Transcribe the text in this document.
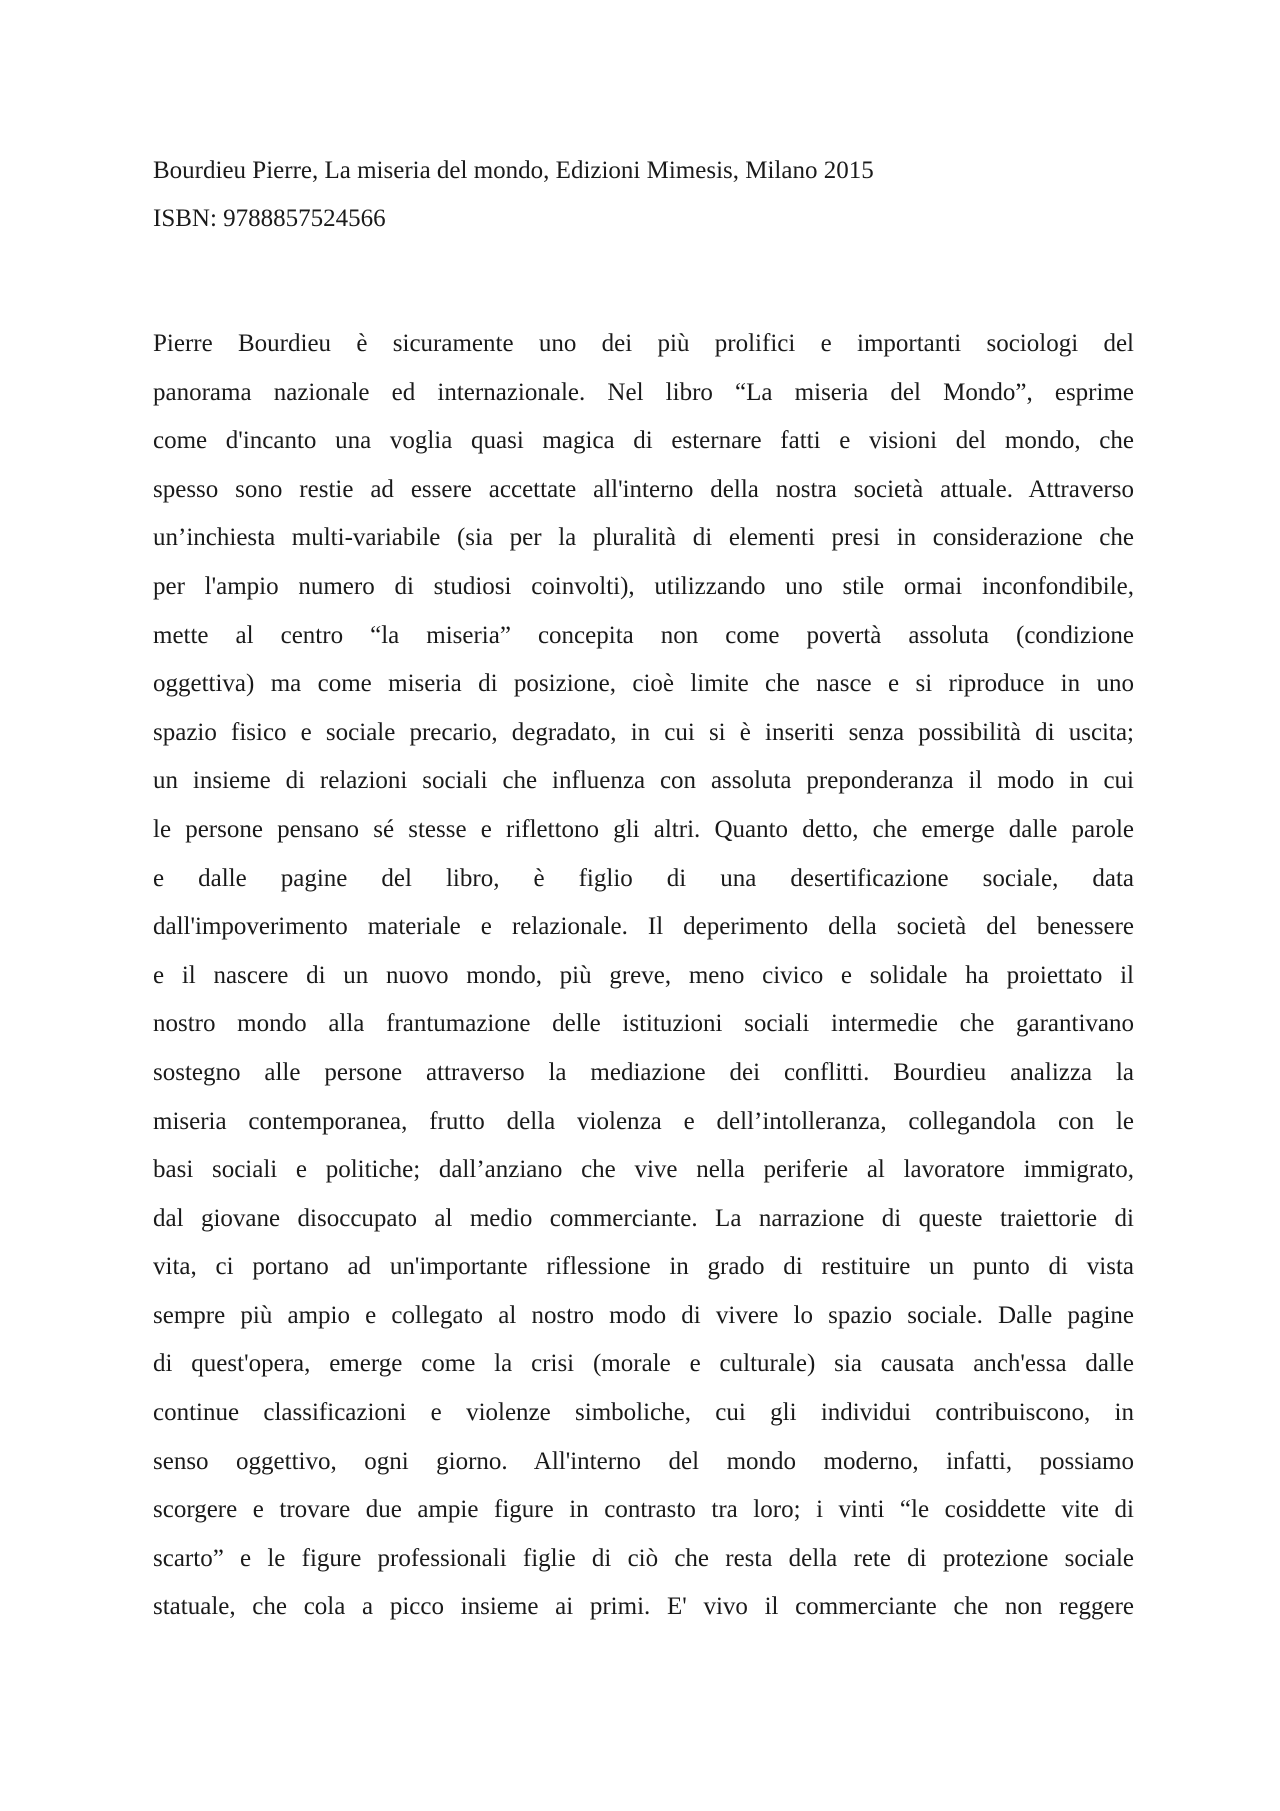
Bourdieu Pierre, La miseria del mondo, Edizioni Mimesis, Milano 2015
ISBN: 9788857524566
Pierre Bourdieu è sicuramente uno dei più prolifici e importanti sociologi del
panorama nazionale ed internazionale. Nel libro “La miseria del Mondo”, esprime
come d'incanto una voglia quasi magica di esternare fatti e visioni del mondo, che
spesso sono restie ad essere accettate all'interno della nostra società attuale. Attraverso
un’inchiesta multi-variabile (sia per la pluralità di elementi presi in considerazione che
per l'ampio numero di studiosi coinvolti), utilizzando uno stile ormai inconfondibile,
mette al centro “la miseria” concepita non come povertà assoluta (condizione
oggettiva) ma come miseria di posizione, cioè limite che nasce e si riproduce in uno
spazio fisico e sociale precario, degradato, in cui si è inseriti senza possibilità di uscita;
un insieme di relazioni sociali che influenza con assoluta preponderanza il modo in cui
le persone pensano sé stesse e riflettono gli altri. Quanto detto, che emerge dalle parole
e dalle pagine del libro, è figlio di una desertificazione sociale, data
dall'impoverimento materiale e relazionale. Il deperimento della società del benessere
e il nascere di un nuovo mondo, più greve, meno civico e solidale ha proiettato il
nostro mondo alla frantumazione delle istituzioni sociali intermedie che garantivano
sostegno alle persone attraverso la mediazione dei conflitti. Bourdieu analizza la
miseria contemporanea, frutto della violenza e dell’intolleranza, collegandola con le
basi sociali e politiche; dall’anziano che vive nella periferie al lavoratore immigrato,
dal giovane disoccupato al medio commerciante. La narrazione di queste traiettorie di
vita, ci portano ad un'importante riflessione in grado di restituire un punto di vista
sempre più ampio e collegato al nostro modo di vivere lo spazio sociale. Dalle pagine
di quest'opera, emerge come la crisi (morale e culturale) sia causata anch'essa dalle
continue classificazioni e violenze simboliche, cui gli individui contribuiscono, in
senso oggettivo, ogni giorno. All'interno del mondo moderno, infatti, possiamo
scorgere e trovare due ampie figure in contrasto tra loro; i vinti “le cosiddette vite di
scarto” e le figure professionali figlie di ciò che resta della rete di protezione sociale
statuale, che cola a picco insieme ai primi. E' vivo il commerciante che non reggere
